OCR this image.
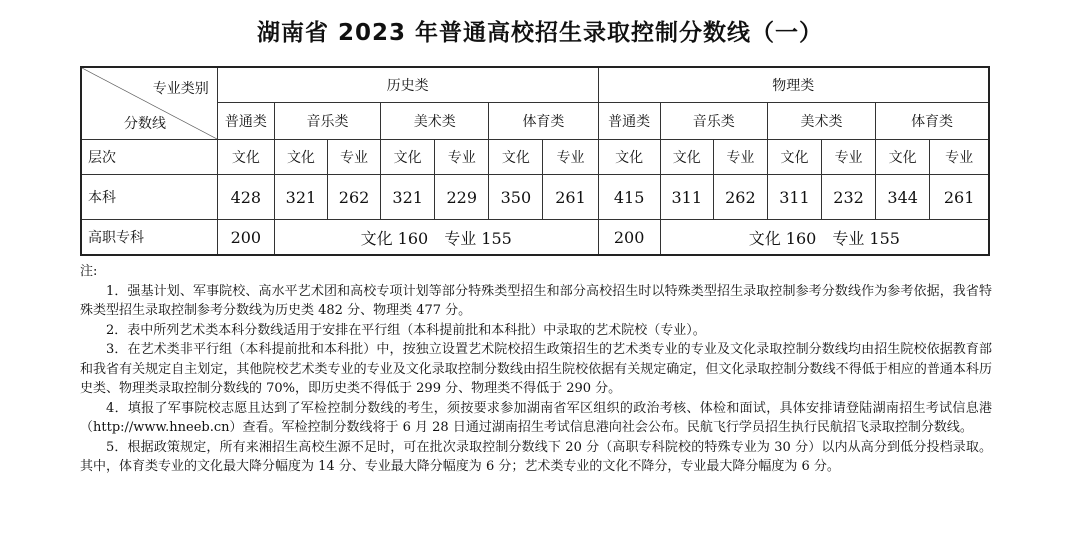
湖南省 2023 年普通高校招生录取控制分数线（一）
专业类别
分数线	历史类							物理类						
	普通类	音乐类		美术类		体育类		普通类	音乐类		美术类		体育类	
层次	文化	文化	专业	文化	专业	文化	专业	文化	文化	专业	文化	专业	文化	专业
本科	428	321	262	321	229	350	261	415	311	262	311	232	344	261
高职专科	200	文化 160　专业 155						200	文化 160　专业 155					

注:

1．强基计划、军事院校、高水平艺术团和高校专项计划等部分特殊类型招生和部分高校招生时以特殊类型招生录取控制参考分数线作为参考依据，我省特殊类型招生录取控制参考分数线为历史类 482 分、物理类 477 分。

2．表中所列艺术类本科分数线适用于安排在平行组（本科提前批和本科批）中录取的艺术院校（专业）。

3．在艺术类非平行组（本科提前批和本科批）中，按独立设置艺术院校招生政策招生的艺术类专业的专业及文化录取控制分数线均由招生院校依据教育部和我省有关规定自主划定，其他院校艺术类专业的专业及文化录取控制分数线由招生院校依据有关规定确定，但文化录取控制分数线不得低于相应的普通本科历史类、物理类录取控制分数线的 70%，即历史类不得低于 299 分、物理类不得低于 290 分。

4．填报了军事院校志愿且达到了军检控制分数线的考生，须按要求参加湖南省军区组织的政治考核、体检和面试，具体安排请登陆湖南招生考试信息港（http://www.hneeb.cn）查看。军检控制分数线将于 6 月 28 日通过湖南招生考试信息港向社会公布。民航飞行学员招生执行民航招飞录取控制分数线。

5．根据政策规定，所有来湘招生高校生源不足时，可在批次录取控制分数线下 20 分（高职专科院校的特殊专业为 30 分）以内从高分到低分投档录取。其中，体育类专业的文化最大降分幅度为 14 分、专业最大降分幅度为 6 分；艺术类专业的文化不降分，专业最大降分幅度为 6 分。
